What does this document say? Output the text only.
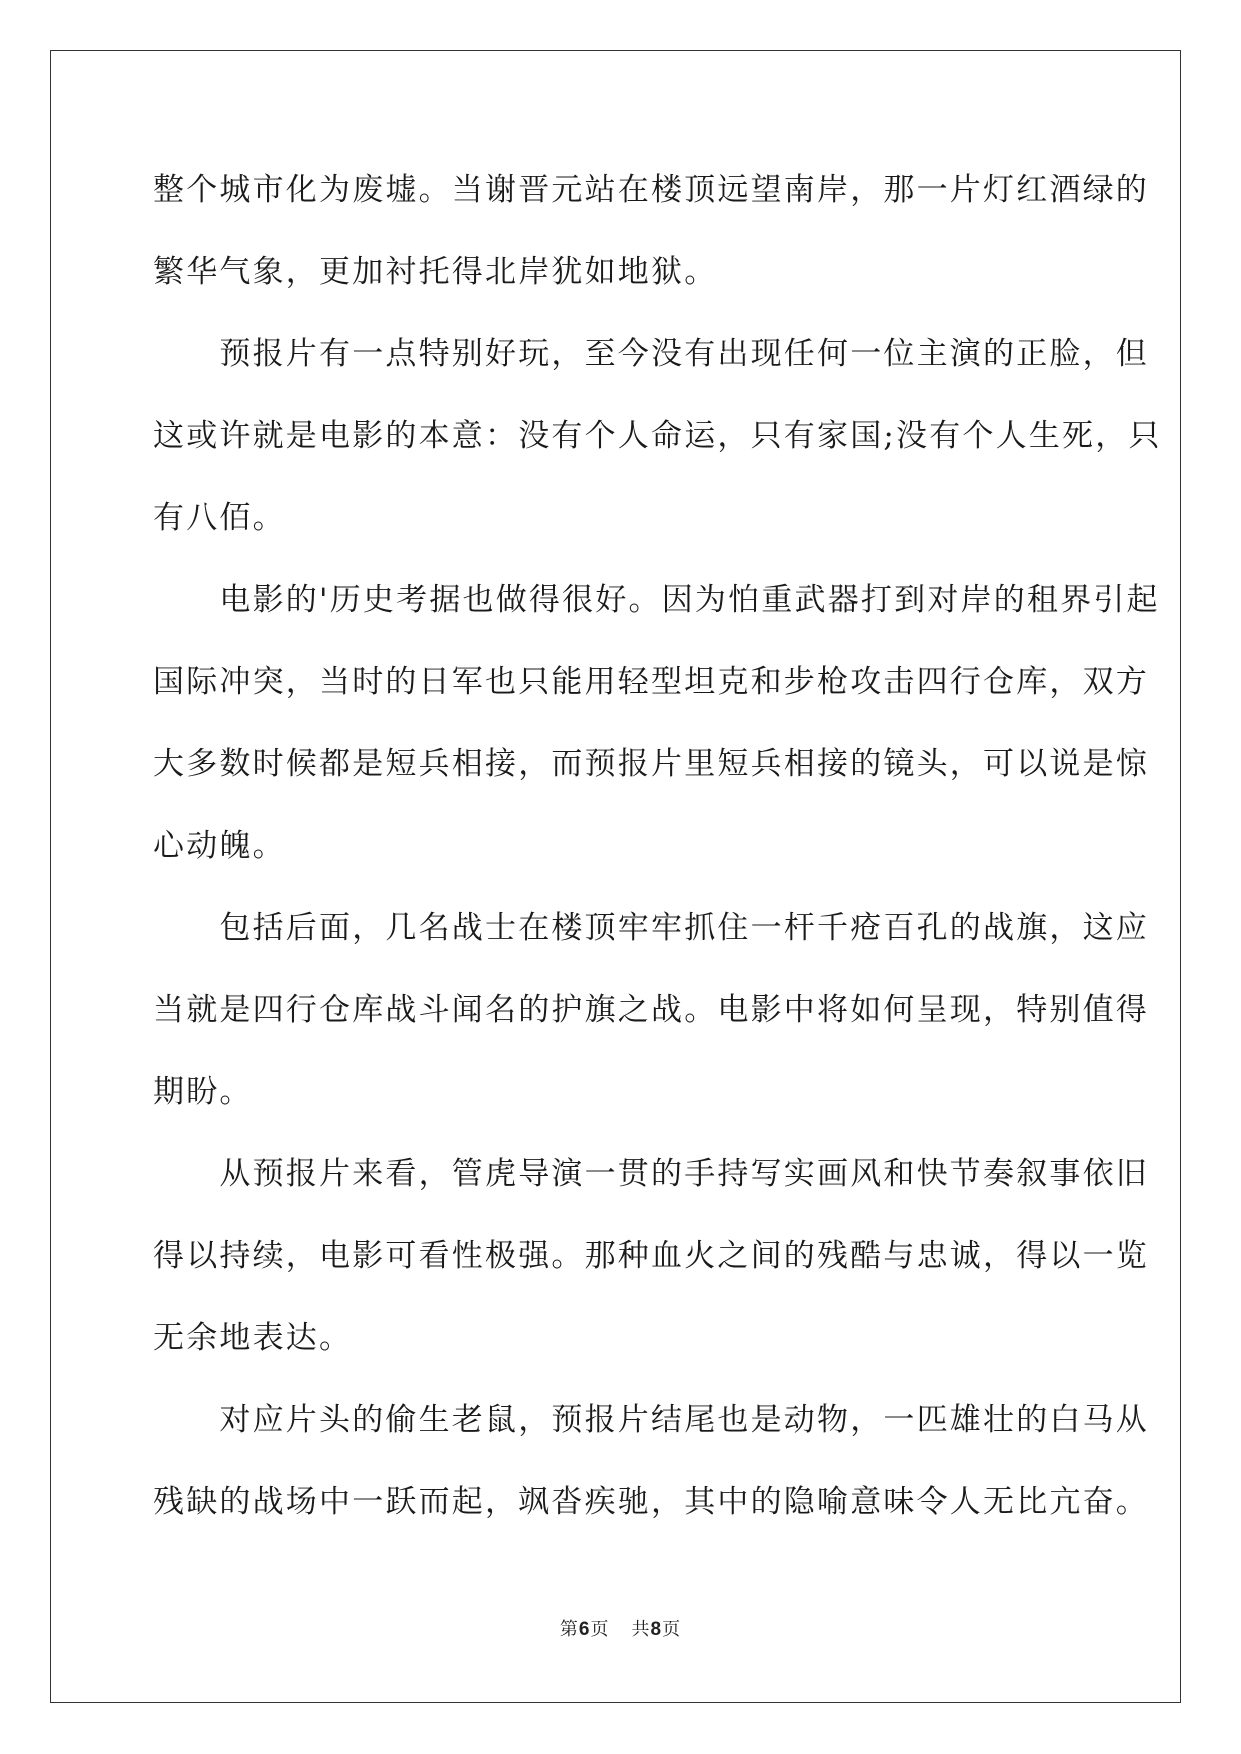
整个城市化为废墟。当谢晋元站在楼顶远望南岸，那一片灯红酒绿的
繁华气象，更加衬托得北岸犹如地狱。
　　预报片有一点特别好玩，至今没有出现任何一位主演的正脸，但
这或许就是电影的本意：没有个人命运，只有家国;没有个人生死，只
有八佰。
　　电影的'历史考据也做得很好。因为怕重武器打到对岸的租界引起
国际冲突，当时的日军也只能用轻型坦克和步枪攻击四行仓库，双方
大多数时候都是短兵相接，而预报片里短兵相接的镜头，可以说是惊
心动魄。
　　包括后面，几名战士在楼顶牢牢抓住一杆千疮百孔的战旗，这应
当就是四行仓库战斗闻名的护旗之战。电影中将如何呈现，特别值得
期盼。
　　从预报片来看，管虎导演一贯的手持写实画风和快节奏叙事依旧
得以持续，电影可看性极强。那种血火之间的残酷与忠诚，得以一览
无余地表达。
　　对应片头的偷生老鼠，预报片结尾也是动物，一匹雄壮的白马从
残缺的战场中一跃而起，飒沓疾驰，其中的隐喻意味令人无比亢奋。
第6页 共8页
